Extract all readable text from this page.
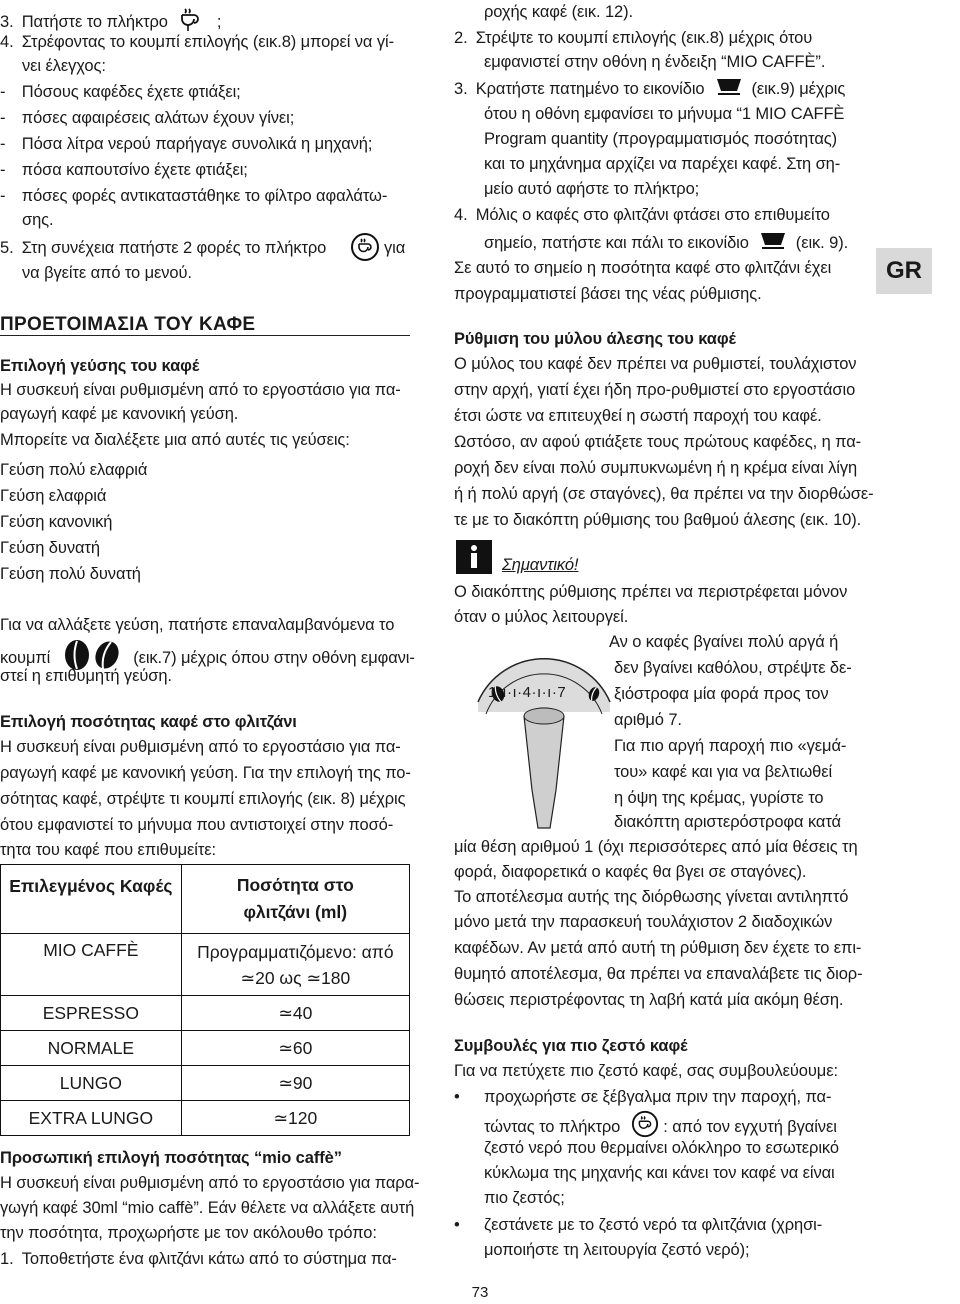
3. Πατήστε το πλήκτρο	;
4. Στρέφοντας το κουμπί επιλογής (εικ.8) μπορεί να γί-
νει έλεγχος:
- Πόσους καφέδες έχετε φτιάξει;
- πόσες αφαιρέσεις αλάτων έχουν γίνει;
- Πόσα λίτρα νερού παρήγαγε συνολικά η μηχανή;
- πόσα καπουτσίνο έχετε φτιάξει;
- πόσες φορές αντικαταστάθηκε το φίλτρο αφαλάτω-
σης.
5. Στη συνέχεια πατήστε 2 φορές το πλήκτρο	για
να βγείτε από το μενού.
ΠΡΟΕΤΟΙΜΑΣΙΑ ΤΟΥ ΚΑΦΕ
Επιλογή γεύσης του καφέ
Η συσκευή είναι ρυθμισμένη από το εργοστάσιο για πα-
ραγωγή καφέ με κανονική γεύση.
Μπορείτε να διαλέξετε μια από αυτές τις γεύσεις:
Γεύση πολύ ελαφριά
Γεύση ελαφριά
Γεύση κανονική
Γεύση δυνατή
Γεύση πολύ δυνατή
Για να αλλάξετε γεύση, πατήστε επαναλαμβανόμενα το
κουμπί	(εικ.7) μέχρις όπου στην οθόνη εμφανι-
στεί η επιθυμητή γεύση.
Επιλογή ποσότητας καφέ στο φλιτζάνι
Η συσκευή είναι ρυθμισμένη από το εργοστάσιο για πα-
ραγωγή καφέ με κανονική γεύση. Για την επιλογή της πο-
σότητας καφέ, στρέψτε τι κουμπί επιλογής (εικ. 8) μέχρις
ότου εμφανιστεί το μήνυμα που αντιστοιχεί στην ποσό-
τητα του καφέ που επιθυμείτε:
Επιλεγμένος Καφές	Ποσότητα στο φλιτζάνι (ml)
MIO CAFFÈ	Προγραμματιζόμενο: από ≃20 ως ≃180
ESPRESSO	≃40
NORMALE	≃60
LUNGO	≃90
EXTRA LUNGO	≃120
Προσωπική επιλογή ποσότητας “mio caffè”
Η συσκευή είναι ρυθμισμένη από το εργοστάσιο για παρα-
γωγή καφέ 30ml “mio caffè”. Εάν θέλετε να αλλάξετε αυτή
την ποσότητα, προχωρήστε με τον ακόλουθο τρόπο:
1. Τοποθετήστε ένα φλιτζάνι κάτω από το σύστημα πα-
ροχής καφέ (εικ. 12).
2. Στρέψτε το κουμπί επιλογής (εικ.8) μέχρις ότου
εμφανιστεί στην οθόνη η ένδειξη “MIO CAFFÈ”.
3. Κρατήστε πατημένο το εικονίδιο	(εικ.9) μέχρις
ότου η οθόνη εμφανίσει το μήνυμα “1 MIO CAFFÈ
Program quantity (προγραμματισμός ποσότητας)
και το μηχάνημα αρχίζει να παρέχει καφέ. Στη ση-
μείο αυτό αφήστε το πλήκτρο;
4. Μόλις ο καφές στο φλιτζάνι φτάσει στο επιθυμείτο
σημείο, πατήστε και πάλι το εικονίδιο	(εικ. 9).
Σε αυτό το σημείο η ποσότητα καφέ στο φλιτζάνι έχει
προγραμματιστεί βάσει της νέας ρύθμισης.
Ρύθμιση του μύλου άλεσης του καφέ
Ο μύλος του καφέ δεν πρέπει να ρυθμιστεί, τουλάχιστον
στην αρχή, γιατί έχει ήδη προ-ρυθμιστεί στο εργοστάσιο
έτσι ώστε να επιτευχθεί η σωστή παροχή του καφέ.
Ωστόσο, αν αφού φτιάξετε τους πρώτους καφέδες, η πα-
ροχή δεν είναι πολύ συμπυκνωμένη ή η κρέμα είναι λίγη
ή ή πολύ αργή (σε σταγόνες), θα πρέπει να την διορθώσε-
τε με το διακόπτη ρύθμισης του βαθμού άλεσης (εικ. 10).
Σημαντικό!
Ο διακόπτης ρύθμισης πρέπει να περιστρέφεται μόνον
όταν ο μύλος λειτουργεί.
1·ı·ı·4·ı·ı·7
Αν ο καφές βγαίνει πολύ αργά ή
δεν βγαίνει καθόλου, στρέψτε δε-
ξιόστροφα μία φορά προς τον
αριθμό 7.
Για πιο αργή παροχή πιο «γεμά-
του» καφέ και για να βελτιωθεί
η όψη της κρέμας, γυρίστε το
διακόπτη αριστερόστροφα κατά
μία θέση αριθμού 1 (όχι περισσότερες από μία θέσεις τη
φορά, διαφορετικά ο καφές θα βγει σε σταγόνες).
Το αποτέλεσμα αυτής της διόρθωσης γίνεται αντιληπτό
μόνο μετά την παρασκευή τουλάχιστον 2 διαδοχικών
καφέδων. Αν μετά από αυτή τη ρύθμιση δεν έχετε το επι-
θυμητό αποτέλεσμα, θα πρέπει να επαναλάβετε τις διορ-
θώσεις περιστρέφοντας τη λαβή κατά μία ακόμη θέση.
Συμβουλές για πιο ζεστό καφέ
Για να πετύχετε πιο ζεστό καφέ, σας συμβουλεύουμε:
• προχωρήστε σε ξέβγαλμα πριν την παροχή, πα-
τώντας το πλήκτρο	: από τον εγχυτή βγαίνει
ζεστό νερό που θερμαίνει ολόκληρο το εσωτερικό
κύκλωμα της μηχανής και κάνει τον καφέ να είναι
πιο ζεστός;
• ζεστάνετε με το ζεστό νερό τα φλιτζάνια (χρησι-
μοποιήστε τη λειτουργία ζεστό νερό);
GR
73
